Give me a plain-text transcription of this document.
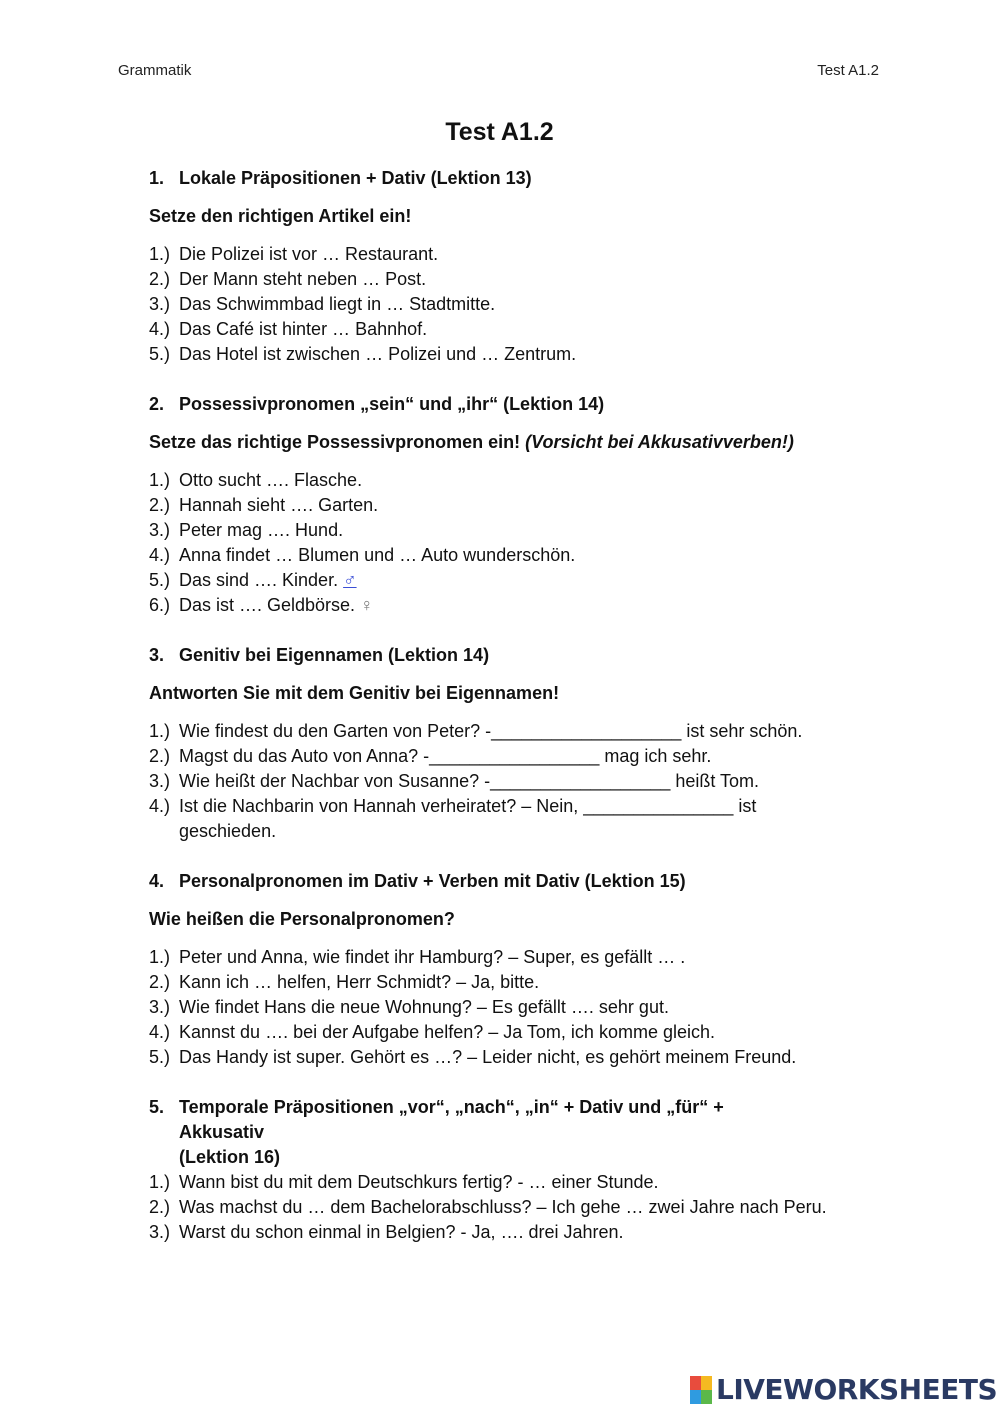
Grammatik	Test A1.2
Test A1.2
1. Lokale Präpositionen + Dativ (Lektion 13)
Setze den richtigen Artikel ein!
1.) Die Polizei ist vor … Restaurant.
2.) Der Mann steht neben … Post.
3.) Das Schwimmbad liegt in … Stadtmitte.
4.) Das Café ist hinter … Bahnhof.
5.) Das Hotel ist zwischen … Polizei und … Zentrum.
2. Possessivpronomen „sein“ und „ihr“ (Lektion 14)
Setze das richtige Possessivpronomen ein! (Vorsicht bei Akkusativverben!)
1.) Otto sucht …. Flasche.
2.) Hannah sieht …. Garten.
3.) Peter mag …. Hund.
4.) Anna findet … Blumen und … Auto wunderschön.
5.) Das sind …. Kinder. ♂
6.) Das ist …. Geldbörse. ♀
3. Genitiv bei Eigennamen (Lektion 14)
Antworten Sie mit dem Genitiv bei Eigennamen!
1.) Wie findest du den Garten von Peter? -___________________ ist sehr schön.
2.) Magst du das Auto von Anna? -_________________ mag ich sehr.
3.) Wie heißt der Nachbar von Susanne? -__________________ heißt Tom.
4.) Ist die Nachbarin von Hannah verheiratet? – Nein, _______________ ist geschieden.
4. Personalpronomen im Dativ + Verben mit Dativ (Lektion 15)
Wie heißen die Personalpronomen?
1.) Peter und Anna, wie findet ihr Hamburg? – Super, es gefällt … .
2.) Kann ich … helfen, Herr Schmidt? – Ja, bitte.
3.) Wie findet Hans die neue Wohnung? – Es gefällt …. sehr gut.
4.) Kannst du …. bei der Aufgabe helfen? – Ja Tom, ich komme gleich.
5.) Das Handy ist super. Gehört es …? – Leider nicht, es gehört meinem Freund.
5. Temporale Präpositionen „vor“, „nach“, „in“ + Dativ und „für“ + Akkusativ
(Lektion 16)
1.) Wann bist du mit dem Deutschkurs fertig? - … einer Stunde.
2.) Was machst du … dem Bachelorabschluss? – Ich gehe … zwei Jahre nach Peru.
3.) Warst du schon einmal in Belgien? - Ja, …. drei Jahren.
LIVEWORKSHEETS
